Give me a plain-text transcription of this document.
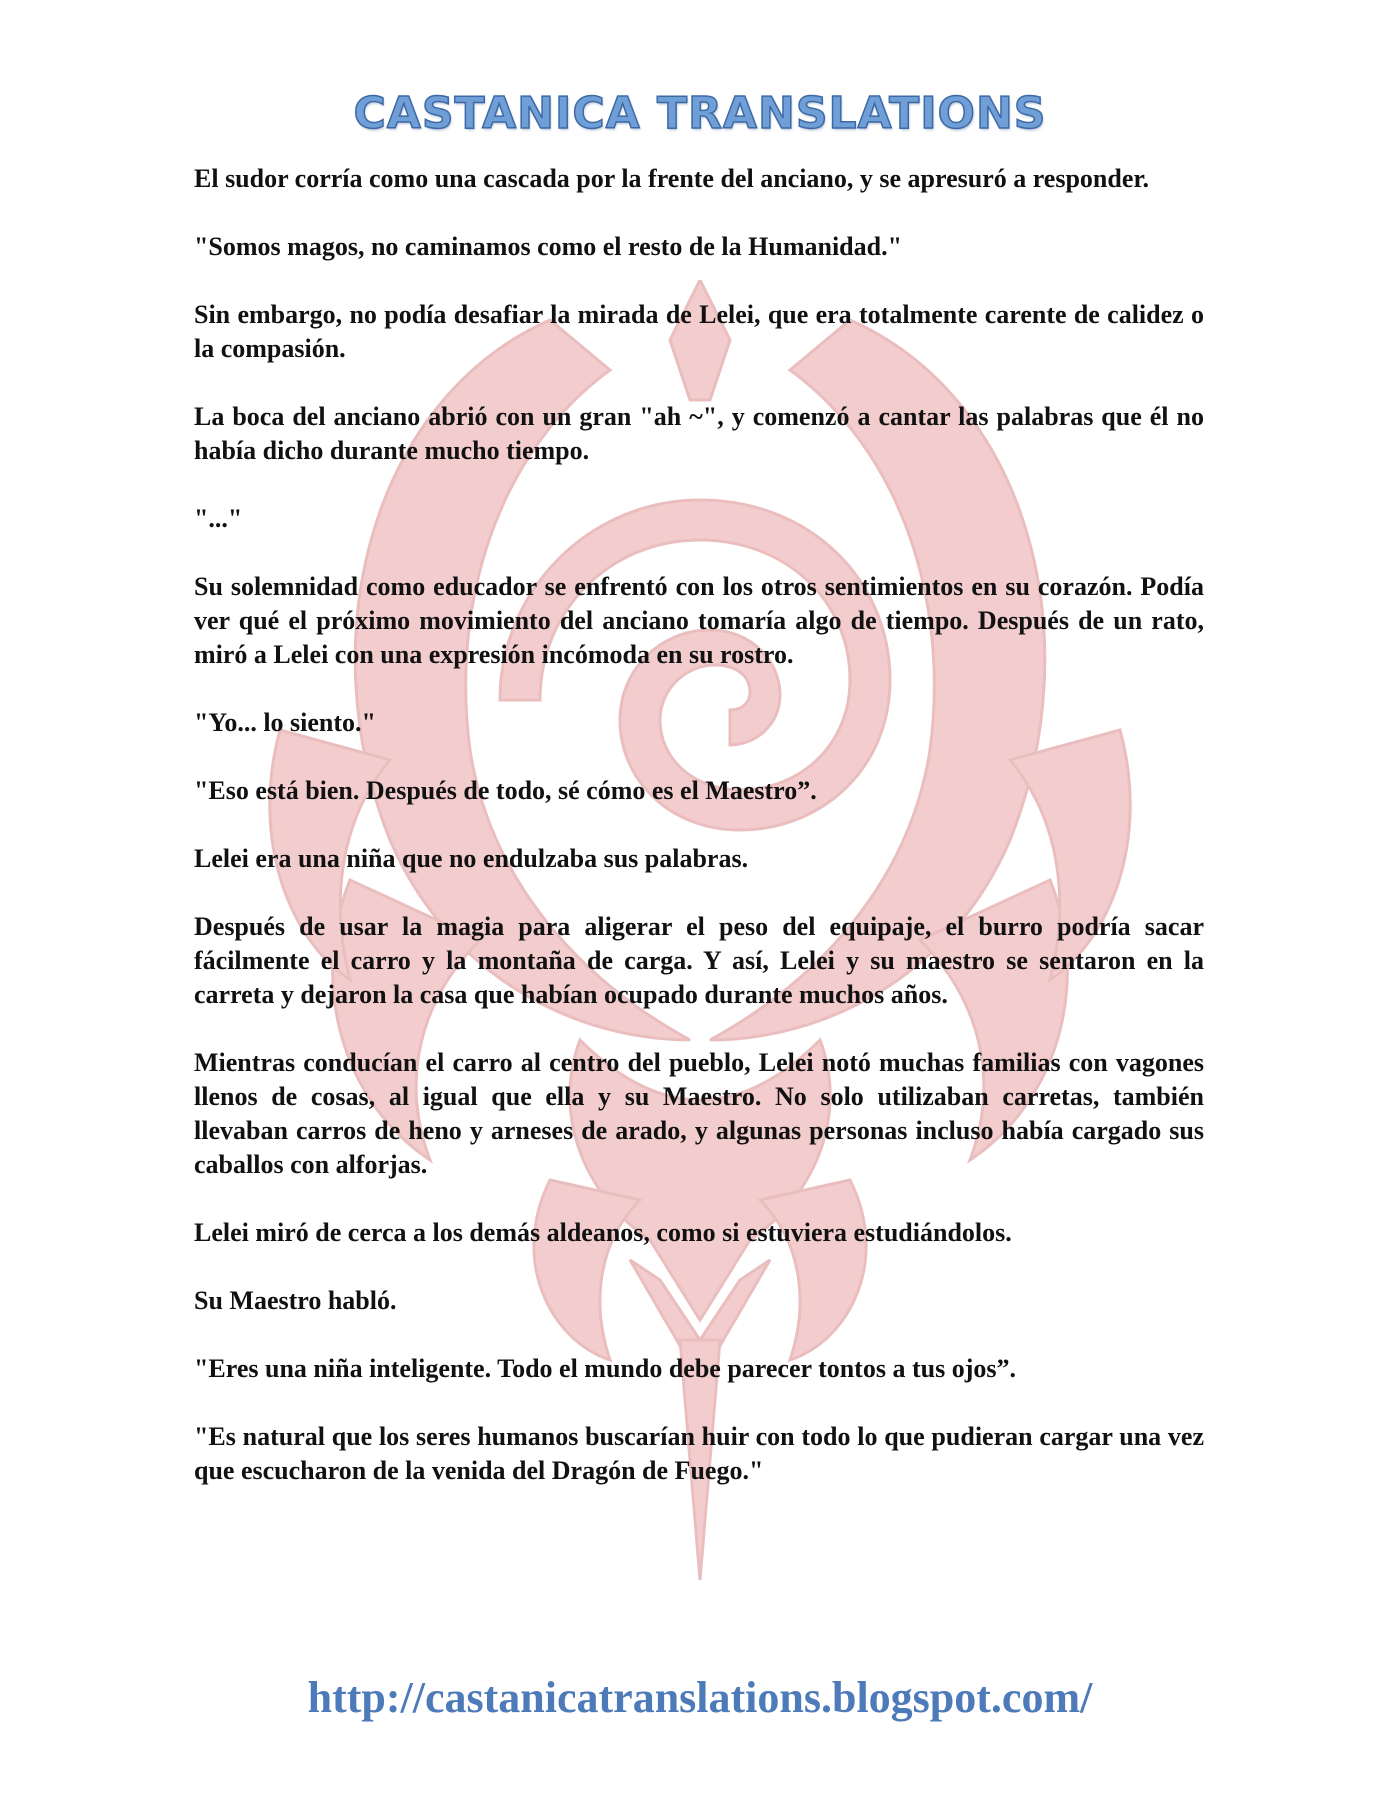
CASTANICA TRANSLATIONS

El sudor corría como una cascada por la frente del anciano, y se apresuró a responder.

"Somos magos, no caminamos como el resto de la Humanidad."

Sin embargo, no podía desafiar la mirada de Lelei, que era totalmente carente de calidez o la compasión.

La boca del anciano abrió con un gran "ah ~", y comenzó a cantar las palabras que él no había dicho durante mucho tiempo.

"..."

Su solemnidad como educador se enfrentó con los otros sentimientos en su corazón. Podía ver qué el próximo movimiento del anciano tomaría algo de tiempo. Después de un rato, miró a Lelei con una expresión incómoda en su rostro.

"Yo... lo siento."

"Eso está bien. Después de todo, sé cómo es el Maestro”.

Lelei era una niña que no endulzaba sus palabras.

Después de usar la magia para aligerar el peso del equipaje, el burro podría sacar fácilmente el carro y la montaña de carga. Y así, Lelei y su maestro se sentaron en la carreta y dejaron la casa que habían ocupado durante muchos años.

Mientras conducían el carro al centro del pueblo, Lelei notó muchas familias con vagones llenos de cosas, al igual que ella y su Maestro. No solo utilizaban carretas, también llevaban carros de heno y arneses de arado, y algunas personas incluso había cargado sus caballos con alforjas.

Lelei miró de cerca a los demás aldeanos, como si estuviera estudiándolos.

Su Maestro habló.

"Eres una niña inteligente. Todo el mundo debe parecer tontos a tus ojos”.

"Es natural que los seres humanos buscarían huir con todo lo que pudieran cargar una vez que escucharon de la venida del Dragón de Fuego."

http://castanicatranslations.blogspot.com/
